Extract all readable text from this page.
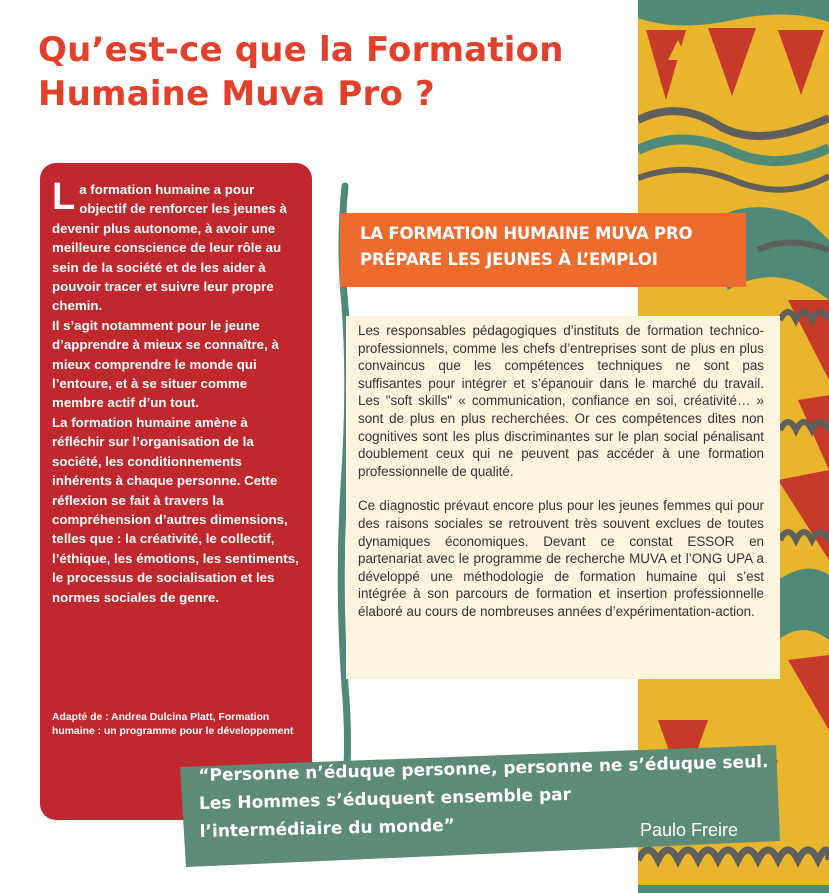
Qu’est-ce que la Formation
Humaine Muva Pro ?

La formation humaine a pour objectif de renforcer les jeunes à devenir plus autonome, à avoir une meilleure conscience de leur rôle au sein de la société et de les aider à pouvoir tracer et suivre leur propre chemin.
Il s’agit notamment pour le jeune d’apprendre à mieux se connaître, à mieux comprendre le monde qui l’entoure, et à se situer comme membre actif d’un tout.
La formation humaine amène à réfléchir sur l’organisation de la société, les conditionnements inhérents à chaque personne. Cette réflexion se fait à travers la compréhension d’autres dimensions, telles que : la créativité, le collectif, l’éthique, les émotions, les sentiments, le processus de socialisation et les normes sociales de genre.

Adapté de : Andrea Dulcina Platt, Formation humaine : un programme pour le développement

LA FORMATION HUMAINE MUVA PRO
PRÉPARE LES JEUNES À L’EMPLOI

Les responsables pédagogiques d’instituts de formation technico-professionnels, comme les chefs d’entreprises sont de plus en plus convaincus que les compétences techniques ne sont pas suffisantes pour intégrer et s’épanouir dans le marché du travail. Les "soft skills" « communication, confiance en soi, créativité… » sont de plus en plus recherchées. Or ces compétences dites non cognitives sont les plus discriminantes sur le plan social pénalisant doublement ceux qui ne peuvent pas accéder à une formation professionnelle de qualité.

Ce diagnostic prévaut encore plus pour les jeunes femmes qui pour des raisons sociales se retrouvent très souvent exclues de toutes dynamiques économiques. Devant ce constat ESSOR en partenariat avec le programme de recherche MUVA et l’ONG UPA a développé une méthodologie de formation humaine qui s’est intégrée à son parcours de formation et insertion professionnelle élaboré au cours de nombreuses années d’expérimentation-action.

“Personne n’éduque personne, personne ne s’éduque seul.
Les Hommes s’éduquent ensemble par
l’intermédiaire du monde”	Paulo Freire
